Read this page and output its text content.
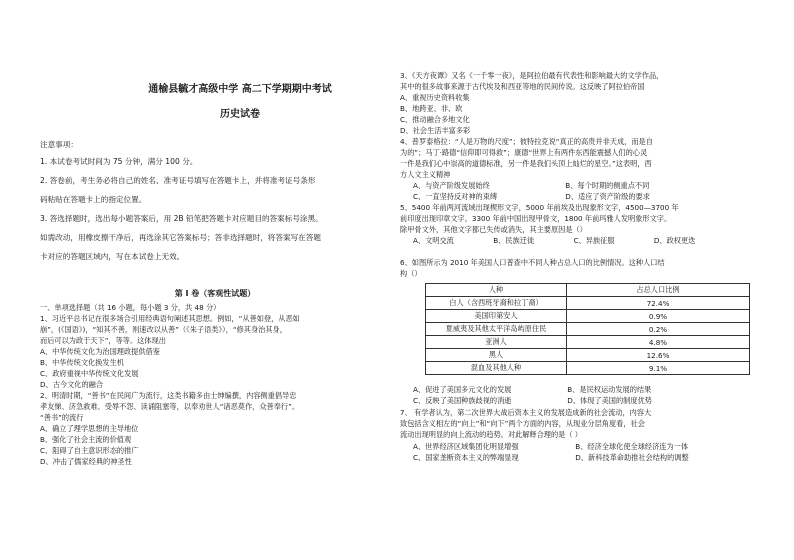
通榆县毓才高级中学 高二下学期期中考试
历史试卷
注意事项：
1. 本试卷考试时间为 75 分钟，满分 100 分。
2. 答卷前，考生务必将自己的姓名、准考证号填写在答题卡上，并将准考证号条形
码粘贴在答题卡上的指定位置。
3. 答选择题时，选出每小题答案后，用 2B 铅笔把答题卡对应题目的答案标号涂黑。
如需改动，用橡皮擦干净后，再选涂其它答案标号；答非选择题时，将答案写在答题
卡对应的答题区域内，写在本试卷上无效。
第 I 卷（客观性试题）
一、单项选择题（共 16 小题，每小题 3 分，共 48 分）
1、习近平总书记在很多场合引用经典语句阐述其思想。例如，“从善如登，从恶如
崩”，(《国语》)，“知其不善，则速改以从善”（《朱子语类》），“修其身治其身，
而后可以为政于天下”，等等。这体现出
A、中华传统文化为治国理政提供借鉴
B、中华传统文化换发生机
C、政府重视中华传统文化发展
D、古今文化的融合
2、明清时期，“善书”在民间广为流行，这类书籍多由士绅编撰，内容侧重倡导忠
孝友悌、济急救难、受辱不怨、读诵阻塞等，以奉劝世人“诸恶莫作，众善奉行”。
“善书”的流行
A、确立了理学思想的主导地位
B、强化了社会主流的价值观
C、阻碍了自主意识形态的推广
D、冲击了儒家经典的神圣性
3、《天方夜谭》又名《一千零一夜》，是阿拉伯最有代表性和影响最大的文学作品，
其中的很多故事来源于古代埃及和西亚等地的民间传说。这反映了阿拉伯帝国
A、重视历史资料收集
B、地跨亚、非、欧
C、推动融合多地文化
D、社会生活丰富多彩
4、普罗泰格拉：“人是万物的尺度”；彼特拉克说“真正的高贵并非天成，而是自
为的”；马丁·路德“信仰即可得救”；康德“世界上有两件东西能震撼人们的心灵
一件是我们心中崇高的道德标准，另一件是我们头顶上灿烂的星空。”这表明，西
方人文主义精神
A、与资产阶级发展始终	B、每个时期的侧重点不同
C、一直坚持反对神的束缚	D、适应了资产阶级的要求
5、5400 年前两河流域出现楔形文字，5000 年前埃及出现象形文字，4500—3700 年
前印度出现印章文字，3300 年前中国出现甲骨文，1800 年前玛雅人发明象形文字。
除甲骨文外，其他文字都已失传或消失，其主要原因是（）
A、文明交流	B、民族迁徙	C、异族征服	D、政权更迭
6、如图所示为 2010 年美国人口普查中不同人种占总人口的比例情况。这种人口结
构（）
人种	占总人口比例
白人（含西班牙裔和拉丁裔）	72.4%
美国印第安人	0.9%
夏威夷及其他太平洋岛屿原住民	0.2%
亚洲人	4.8%
黑人	12.6%
混血及其他人种	9.1%
A、促进了美国多元文化的发展	B、是民权运动发展的结果
C、反映了美国种族歧视的消逝	D、体现了美国的制度优势
7、 有学者认为，第二次世界大战后资本主义的发展造成新的社会流动，内容大
致包括含义相左的“向上”和“向下”两个方面的内容，从现业分层角度看，社会
流动出现明显的向上流动的趋势。对此解释合理的是（ ）
A、世界经济区域集团化明显增强	B、经济全球化使全球经济连为一体
C、国家垄断资本主义的弊端显现	D、新科技革命助推社会结构的调整
